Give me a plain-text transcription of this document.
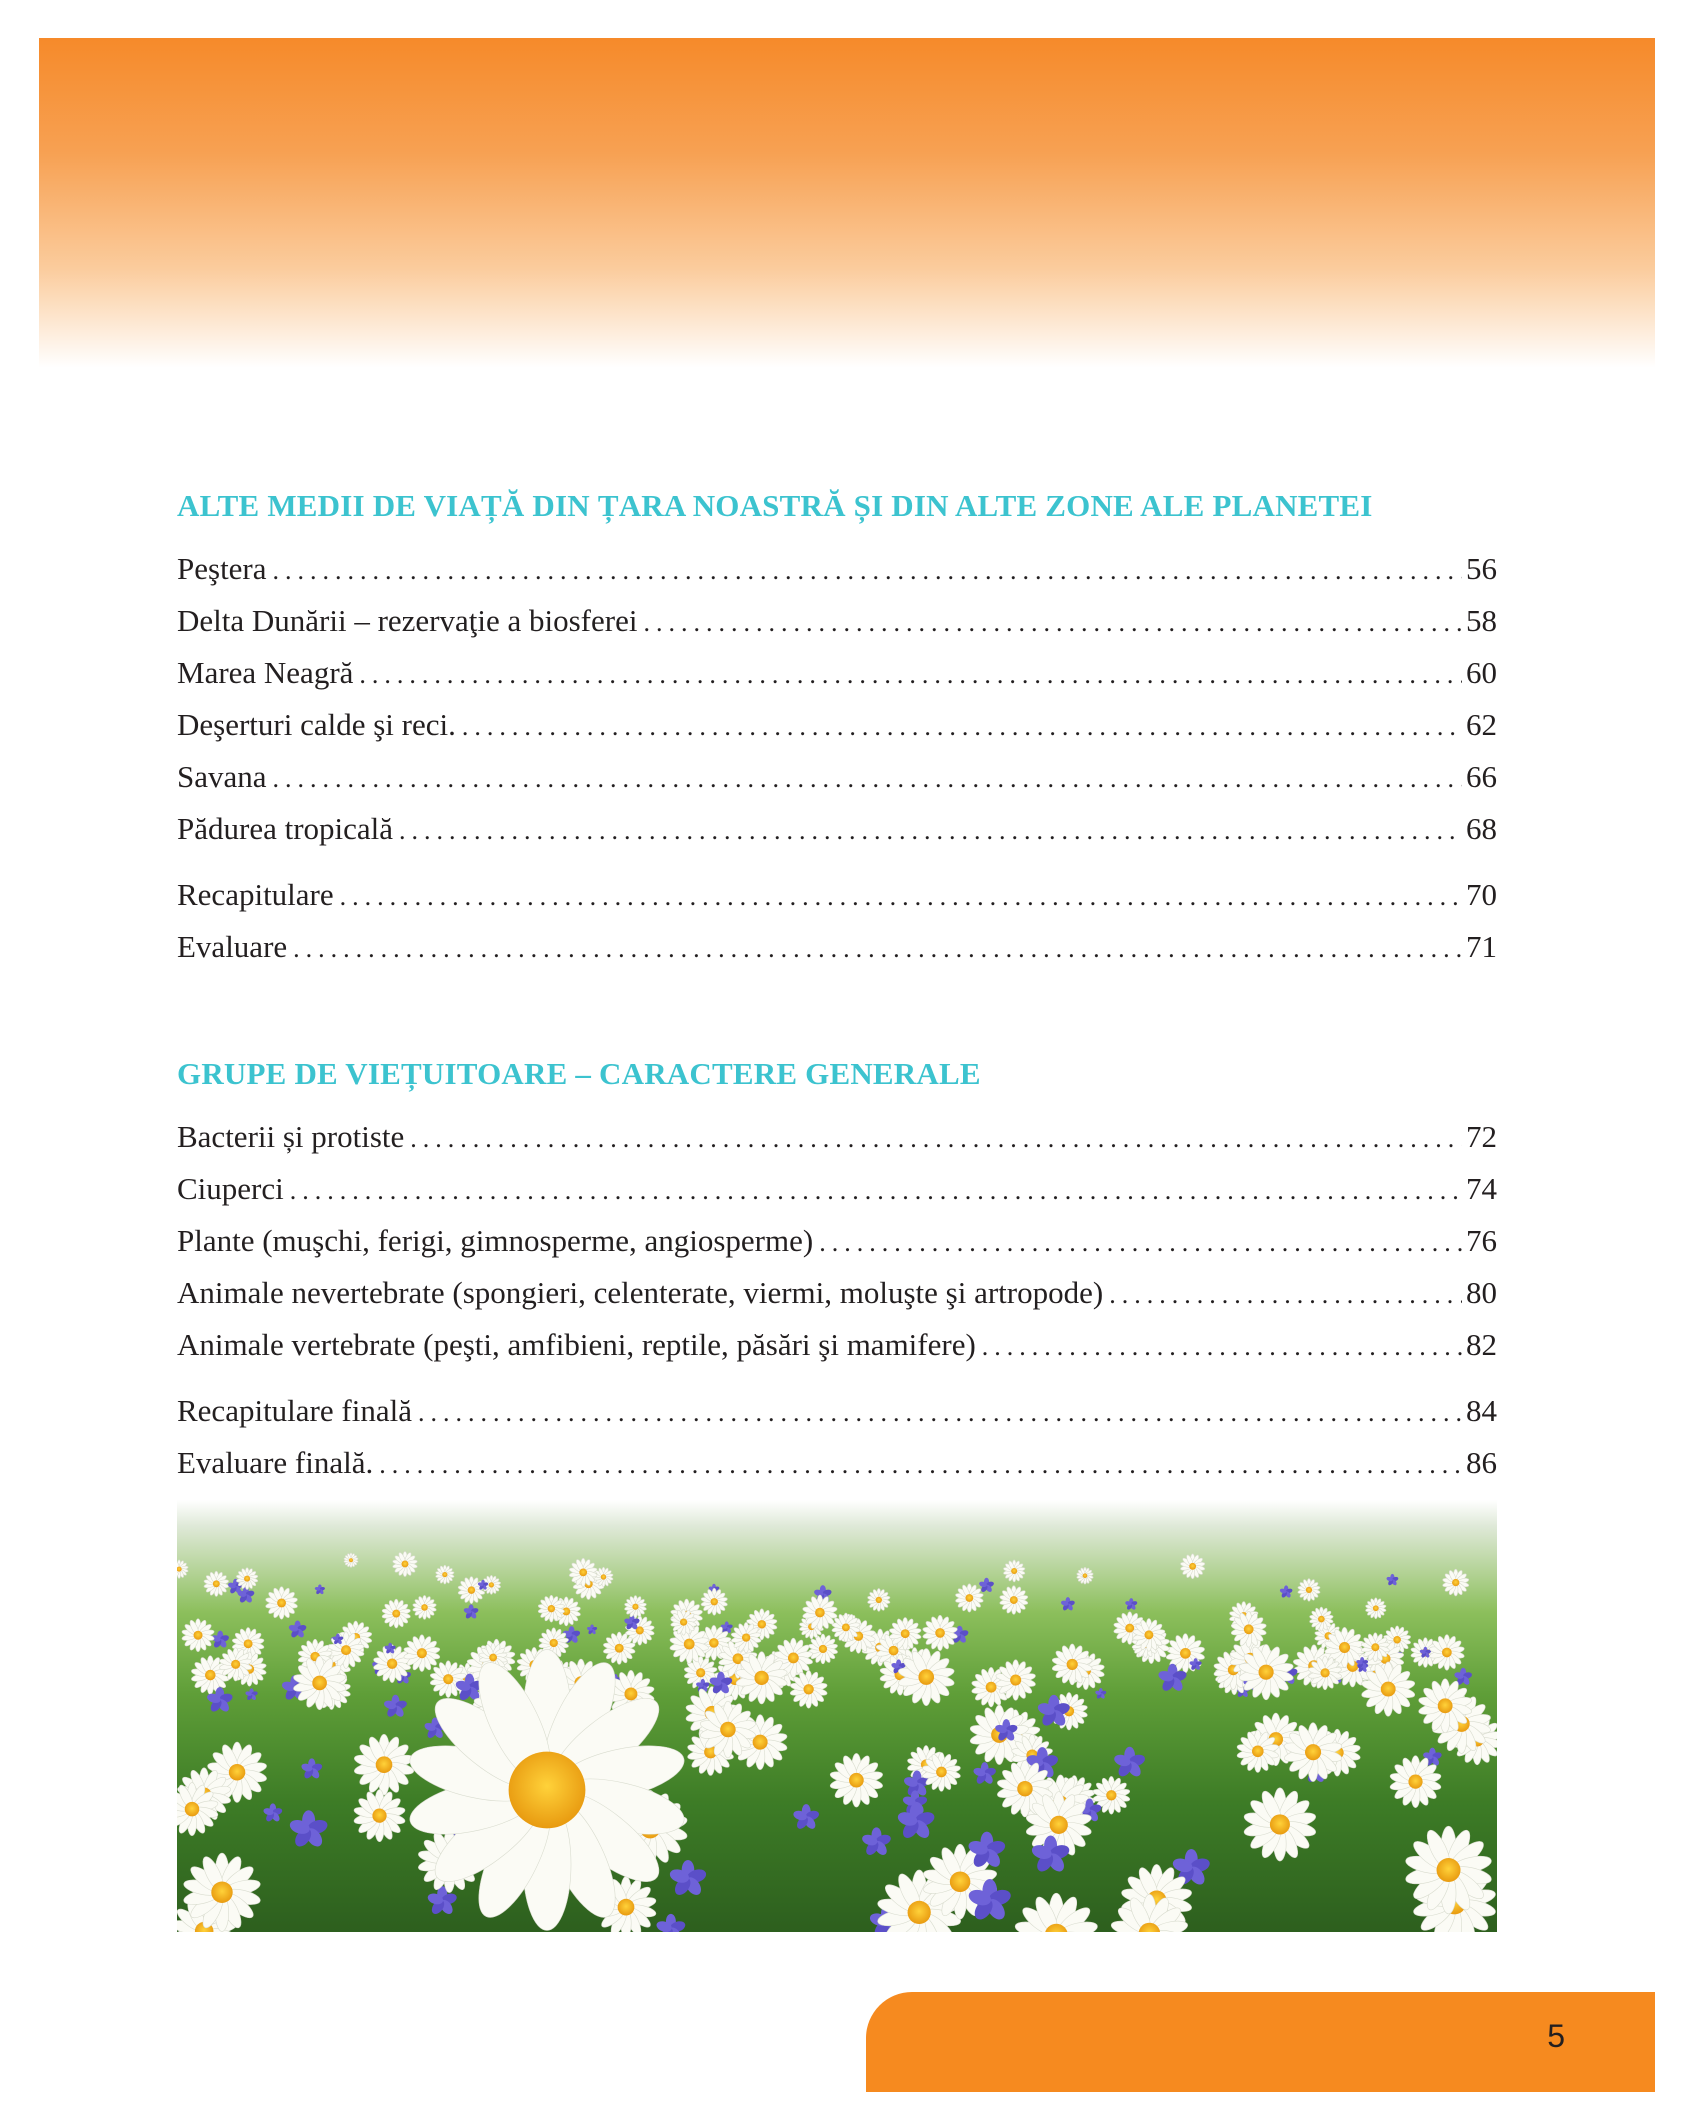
ALTE MEDII DE VIAȚĂ DIN ȚARA NOASTRĂ ȘI DIN ALTE ZONE ALE PLANETEI
Peştera .....	56
Delta Dunării – rezervaţie a biosferei .....	58
Marea Neagră .....	60
Deşerturi calde şi reci. .....	62
Savana .....	66
Pădurea tropicală .....	68
Recapitulare .....	70
Evaluare .....	71
GRUPE DE VIEȚUITOARE – CARACTERE GENERALE
Bacterii și protiste .....	72
Ciuperci .....	74
Plante (muşchi, ferigi, gimnosperme, angiosperme) .....	76
Animale nevertebrate (spongieri, celenterate, viermi, moluşte şi artropode) .....	80
Animale vertebrate (peşti, amfibieni, reptile, păsări şi mamifere) .....	82
Recapitulare finală .....	84
Evaluare finală. .....	86
5
